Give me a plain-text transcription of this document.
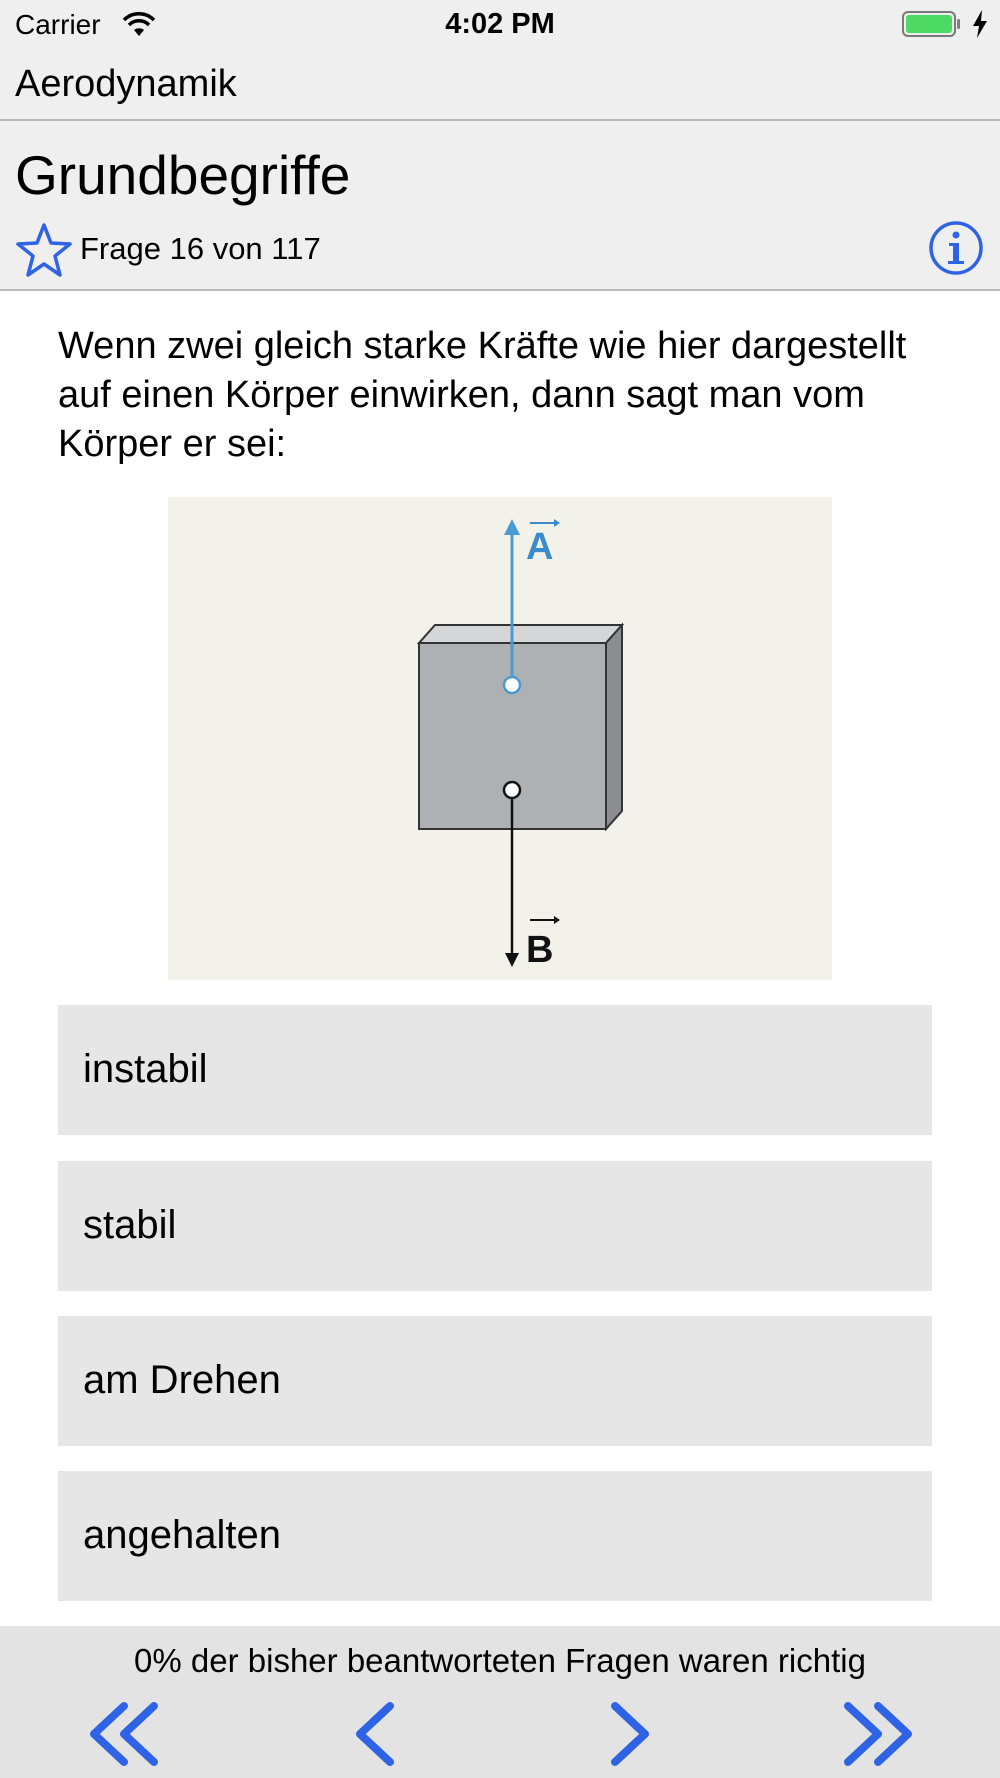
Carrier	4:02 PM
Aerodynamik
Grundbegriffe
Frage 16 von 117
Wenn zwei gleich starke Kräfte wie hier dargestellt auf einen Körper einwirken, dann sagt man vom Körper er sei:
A
B
instabil
stabil
am Drehen
angehalten
0% der bisher beantworteten Fragen waren richtig
